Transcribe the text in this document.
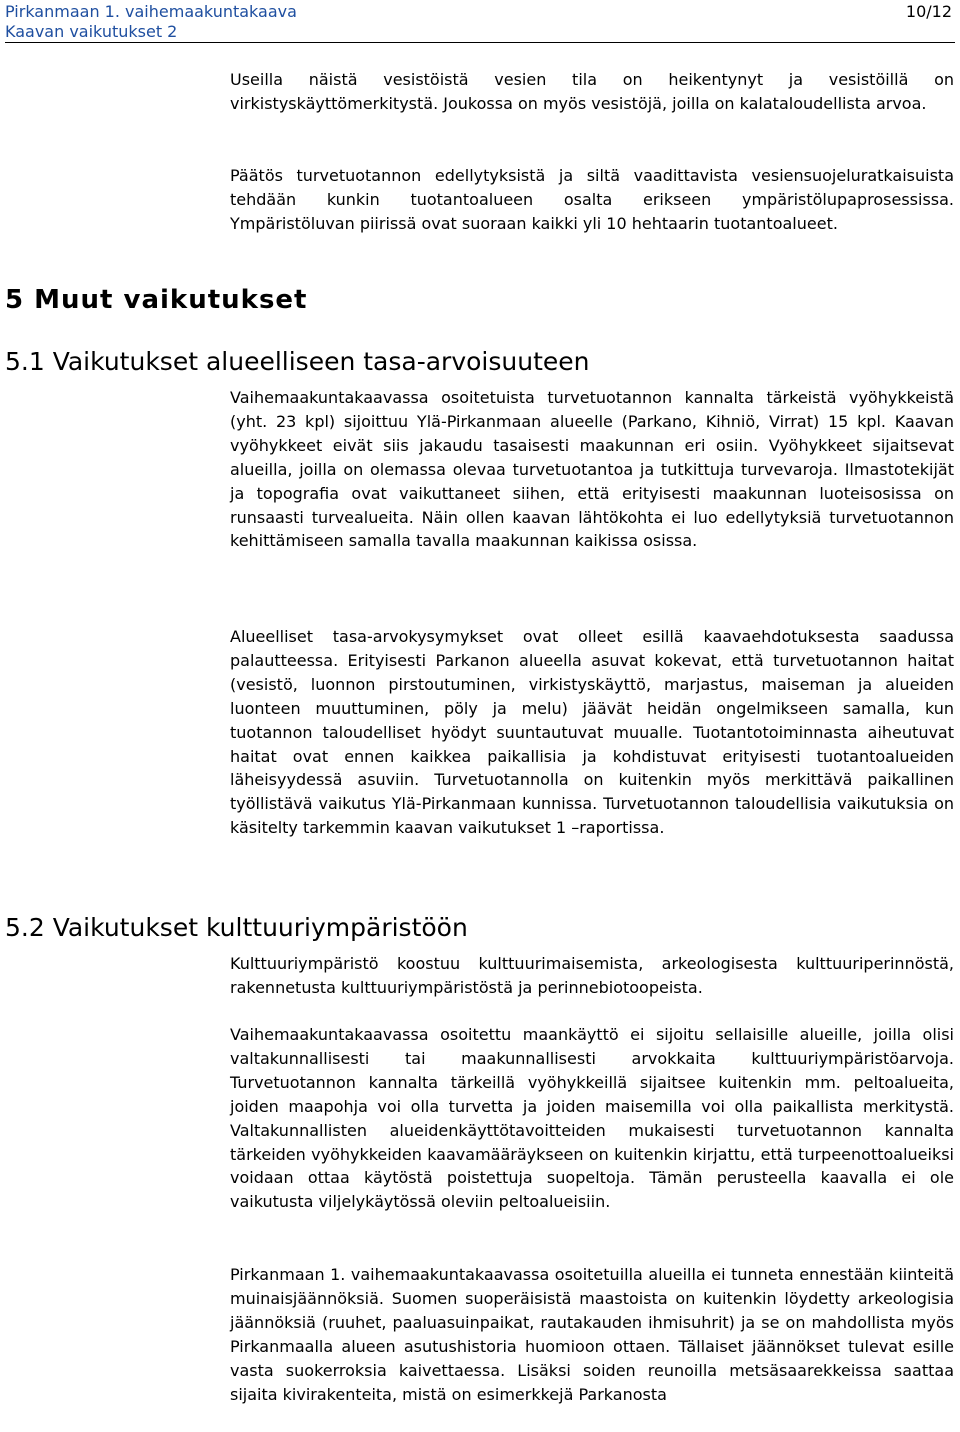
Pirkanmaan 1. vaihemaakuntakaava
Kaavan vaikutukset 2
10/12

Useilla näistä vesistöistä vesien tila on heikentynyt ja vesistöillä on virkistyskäyttömerkitystä. Joukossa on myös vesistöjä, joilla on kalataloudellista arvoa.

Päätös turvetuotannon edellytyksistä ja siltä vaadittavista vesiensuojeluratkaisuista tehdään kunkin tuotantoalueen osalta erikseen ympäristölupaprosessissa. Ympäristöluvan piirissä ovat suoraan kaikki yli 10 hehtaarin tuotantoalueet.

5 Muut vaikutukset
5.1 Vaikutukset alueelliseen tasa-arvoisuuteen

Vaihemaakuntakaavassa osoitetuista turvetuotannon kannalta tärkeistä vyöhykkeistä (yht. 23 kpl) sijoittuu Ylä-Pirkanmaan alueelle (Parkano, Kihniö, Virrat) 15 kpl. Kaavan vyöhykkeet eivät siis jakaudu tasaisesti maakunnan eri osiin. Vyöhykkeet sijaitsevat alueilla, joilla on olemassa olevaa turvetuotantoa ja tutkittuja turvevaroja. Ilmastotekijät ja topografia ovat vaikuttaneet siihen, että erityisesti maakunnan luoteisosissa on runsaasti turvealueita. Näin ollen kaavan lähtökohta ei luo edellytyksiä turvetuotannon kehittämiseen samalla tavalla maakunnan kaikissa osissa.

Alueelliset tasa-arvokysymykset ovat olleet esillä kaavaehdotuksesta saadussa palautteessa. Erityisesti Parkanon alueella asuvat kokevat, että turvetuotannon haitat (vesistö, luonnon pirstoutuminen, virkistyskäyttö, marjastus, maiseman ja alueiden luonteen muuttuminen, pöly ja melu) jäävät heidän ongelmikseen samalla, kun tuotannon taloudelliset hyödyt suuntautuvat muualle. Tuotantotoiminnasta aiheutuvat haitat ovat ennen kaikkea paikallisia ja kohdistuvat erityisesti tuotantoalueiden läheisyydessä asuviin. Turvetuotannolla on kuitenkin myös merkittävä paikallinen työllistävä vaikutus Ylä-Pirkanmaan kunnissa. Turvetuotannon taloudellisia vaikutuksia on käsitelty tarkemmin kaavan vaikutukset 1 –raportissa.

5.2 Vaikutukset kulttuuriympäristöön

Kulttuuriympäristö koostuu kulttuurimaisemista, arkeologisesta kulttuuriperinnöstä, rakennetusta kulttuuriympäristöstä ja perinnebiotoopeista.

Vaihemaakuntakaavassa osoitettu maankäyttö ei sijoitu sellaisille alueille, joilla olisi valtakunnallisesti tai maakunnallisesti arvokkaita kulttuuriympäristöarvoja. Turvetuotannon kannalta tärkeillä vyöhykkeillä sijaitsee kuitenkin mm. peltoalueita, joiden maapohja voi olla turvetta ja joiden maisemilla voi olla paikallista merkitystä. Valtakunnallisten alueidenkäyttötavoitteiden mukaisesti turvetuotannon kannalta tärkeiden vyöhykkeiden kaavamääräykseen on kuitenkin kirjattu, että turpeenottoalueiksi voidaan ottaa käytöstä poistettuja suopeltoja. Tämän perusteella kaavalla ei ole vaikutusta viljelykäytössä oleviin peltoalueisiin.

Pirkanmaan 1. vaihemaakuntakaavassa osoitetuilla alueilla ei tunneta ennestään kiinteitä muinaisjäännöksiä. Suomen suoperäisistä maastoista on kuitenkin löydetty arkeologisia jäännöksiä (ruuhet, paaluasuinpaikat, rautakauden ihmisuhrit) ja se on mahdollista myös Pirkanmaalla alueen asutushistoria huomioon ottaen. Tällaiset jäännökset tulevat esille vasta suokerroksia kaivettaessa. Lisäksi soiden reunoilla metsäsaarekkeissa saattaa sijaita kivirakenteita, mistä on esimerkkejä Parkanosta
